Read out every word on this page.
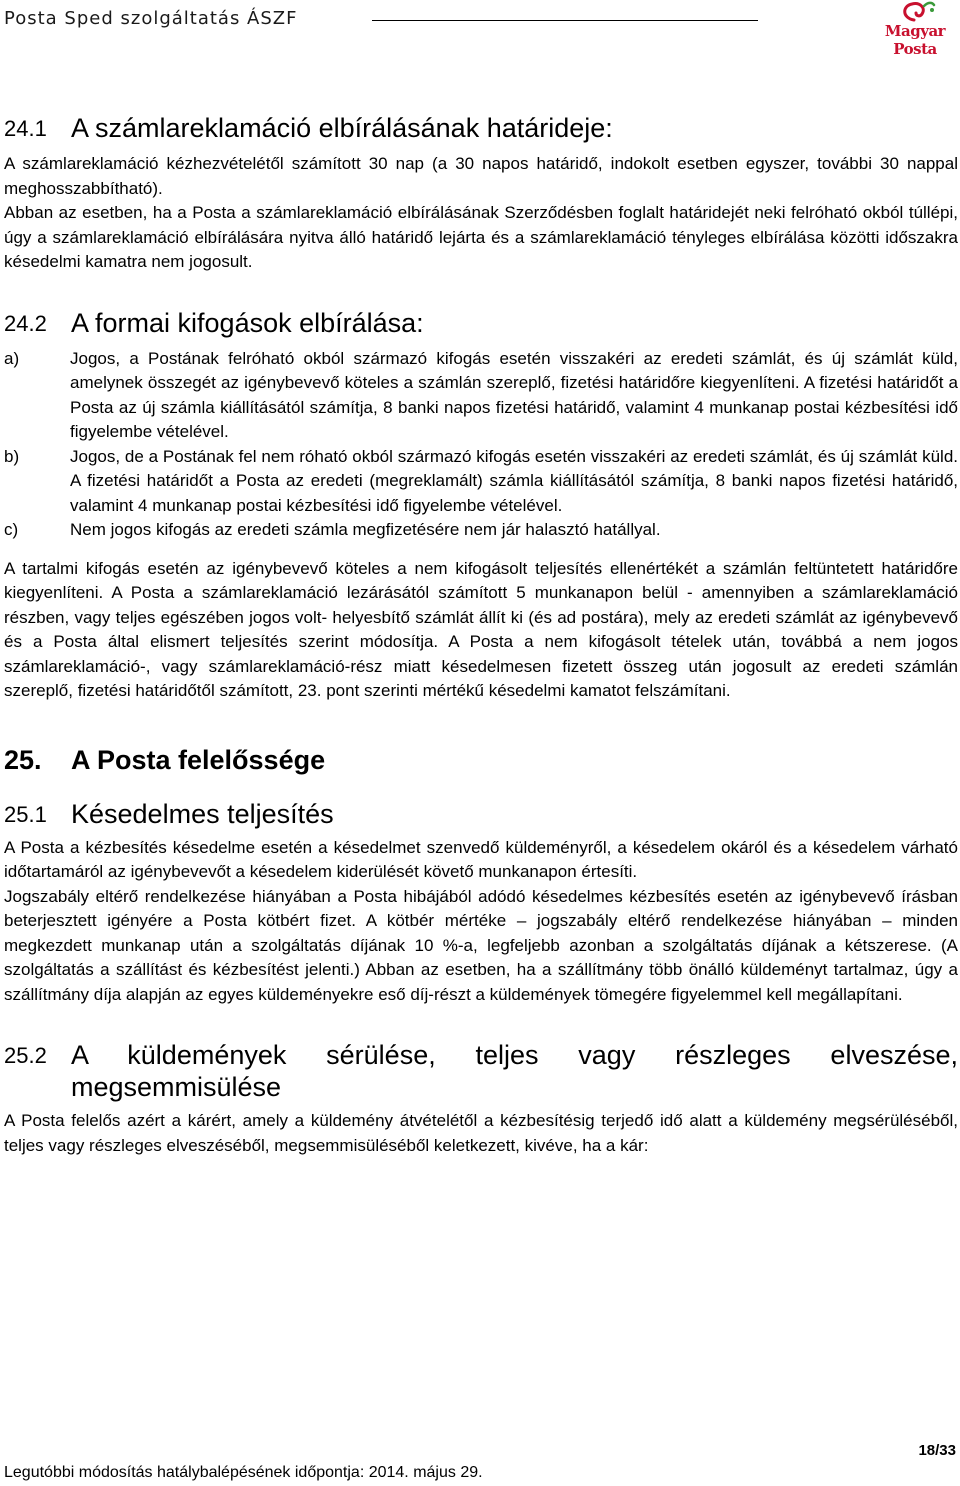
Posta Sped szolgáltatás ÁSZF
Magyar Posta
24.1 A számlareklamáció elbírálásának határideje:

A számlareklamáció kézhezvételétől számított 30 nap (a 30 napos határidő, indokolt esetben egyszer, további 30 nappal meghosszabbítható).

Abban az esetben, ha a Posta a számlareklamáció elbírálásának Szerződésben foglalt határidejét neki felróható okból túllépi, úgy a számlareklamáció elbírálására nyitva álló határidő lejárta és a számlareklamáció tényleges elbírálása közötti időszakra késedelmi kamatra nem jogosult.

24.2 A formai kifogások elbírálása:
a)	Jogos, a Postának felróható okból származó kifogás esetén visszakéri az eredeti számlát, és új számlát küld, amelynek összegét az igénybevevő köteles a számlán szereplő, fizetési határidőre kiegyenlíteni. A fizetési határidőt a Posta az új számla kiállításától számítja, 8 banki napos fizetési határidő, valamint 4 munkanap postai kézbesítési idő figyelembe vételével.
b)	Jogos, de a Postának fel nem róható okból származó kifogás esetén visszakéri az eredeti számlát, és új számlát küld. A fizetési határidőt a Posta az eredeti (megreklamált) számla kiállításától számítja, 8 banki napos fizetési határidő, valamint 4 munkanap postai kézbesítési idő figyelembe vételével.
c)	Nem jogos kifogás az eredeti számla megfizetésére nem jár halasztó hatállyal.

A tartalmi kifogás esetén az igénybevevő köteles a nem kifogásolt teljesítés ellenértékét a számlán feltüntetett határidőre kiegyenlíteni. A Posta a számlareklamáció lezárásától számított 5 munkanapon belül - amennyiben a számlareklamáció részben, vagy teljes egészében jogos volt- helyesbítő számlát állít ki (és ad postára), mely az eredeti számlát az igénybevevő és a Posta által elismert teljesítés szerint módosítja. A Posta a nem kifogásolt tételek után, továbbá a nem jogos számlareklamáció-, vagy számlareklamáció-rész miatt késedelmesen fizetett összeg után jogosult az eredeti számlán szereplő, fizetési határidőtől számított, 23. pont szerinti mértékű késedelmi kamatot felszámítani.

25.	A Posta felelőssége
25.1 Késedelmes teljesítés

A Posta a kézbesítés késedelme esetén a késedelmet szenvedő küldeményről, a késedelem okáról és a késedelem várható időtartamáról az igénybevevőt a késedelem kiderülését követő munkanapon értesíti.

Jogszabály eltérő rendelkezése hiányában a Posta hibájából adódó késedelmes kézbesítés esetén az igénybevevő írásban beterjesztett igényére a Posta kötbért fizet. A kötbér mértéke – jogszabály eltérő rendelkezése hiányában – minden megkezdett munkanap után a szolgáltatás díjának 10 %-a, legfeljebb azonban a szolgáltatás díjának a kétszerese. (A szolgáltatás a szállítást és kézbesítést jelenti.) Abban az esetben, ha a szállítmány több önálló küldeményt tartalmaz, úgy a szállítmány díja alapján az egyes küldeményekre eső díj-részt a küldemények tömegére figyelemmel kell megállapítani.

25.2 A küldemények sérülése, teljes vagy részleges elveszése, megsemmisülése

A Posta felelős azért a kárért, amely a küldemény átvételétől a kézbesítésig terjedő idő alatt a küldemény megsérüléséből, teljes vagy részleges elveszéséből, megsemmisüléséből keletkezett, kivéve, ha a kár:

18/33
Legutóbbi módosítás hatálybalépésének időpontja: 2014. május 29.
